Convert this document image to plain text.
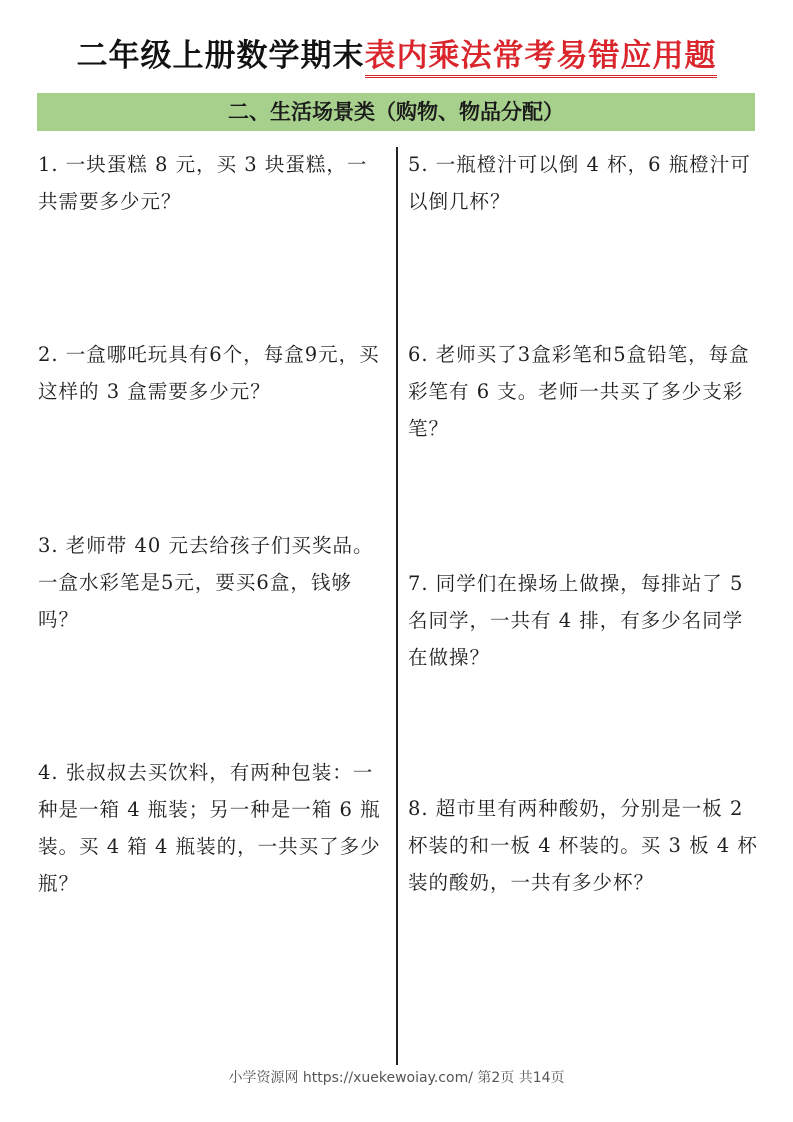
二年级上册数学期末表内乘法常考易错应用题
二、生活场景类（购物、物品分配）
1. 一块蛋糕 8 元，买 3 块蛋糕，一共需要多少元？
2. 一盒哪吒玩具有6个，每盒9元，买这样的 3 盒需要多少元？
3. 老师带 40 元去给孩子们买奖品。一盒水彩笔是5元，要买6盒，钱够吗？
4. 张叔叔去买饮料，有两种包装：一种是一箱 4 瓶装；另一种是一箱 6 瓶装。买 4 箱 4 瓶装的，一共买了多少瓶？
5. 一瓶橙汁可以倒 4 杯，6 瓶橙汁可以倒几杯？
6. 老师买了3盒彩笔和5盒铅笔，每盒彩笔有 6 支。老师一共买了多少支彩笔？
7. 同学们在操场上做操，每排站了 5 名同学，一共有 4 排，有多少名同学在做操？
8. 超市里有两种酸奶，分别是一板 2 杯装的和一板 4 杯装的。买 3 板 4 杯装的酸奶，一共有多少杯？
小学资源网 https://xuekewoiay.com/ 第2页 共14页
